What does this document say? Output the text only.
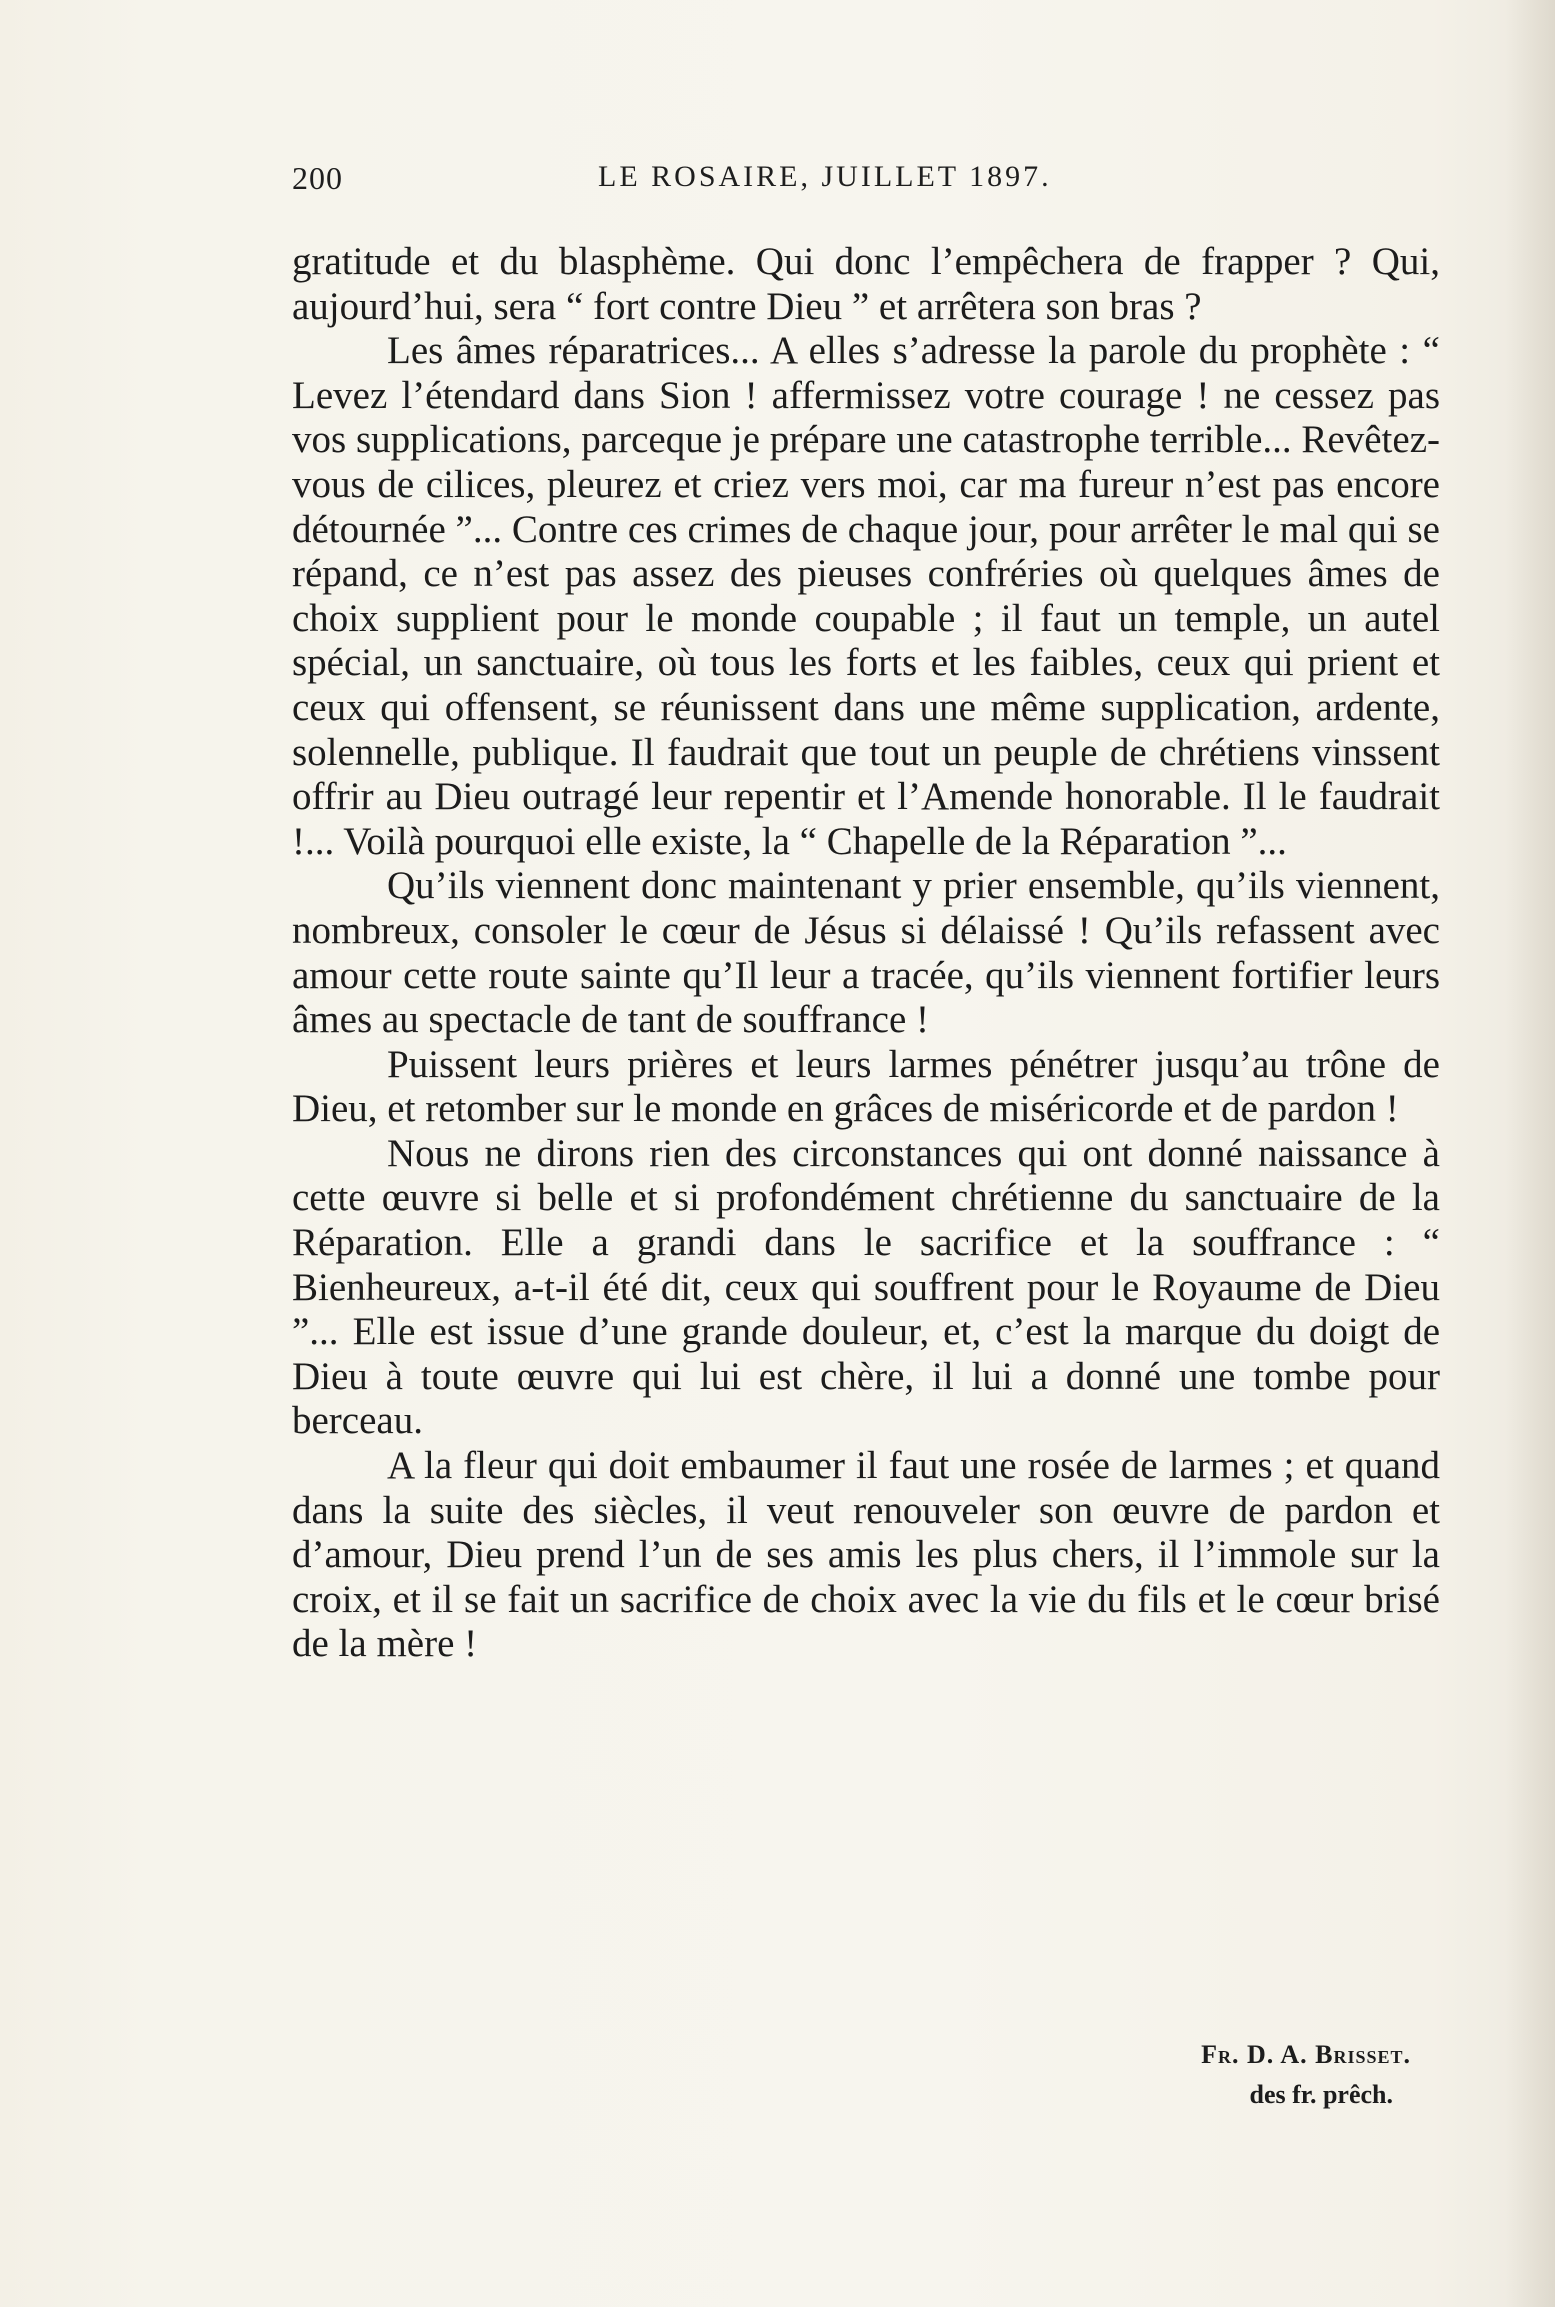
200	LE ROSAIRE, JUILLET 1897.

gratitude et du blasphème. Qui donc l’empêchera de frapper ? Qui, aujourd’hui, sera “ fort contre Dieu ” et arrêtera son bras ?

Les âmes réparatrices... A elles s’adresse la parole du prophète : “ Levez l’étendard dans Sion ! affermissez votre courage ! ne cessez pas vos supplications, parceque je prépare une catastrophe terrible... Revêtez-vous de cilices, pleurez et criez vers moi, car ma fureur n’est pas encore détournée ”... Contre ces crimes de chaque jour, pour arrêter le mal qui se répand, ce n’est pas assez des pieuses confréries où quelques âmes de choix supplient pour le monde coupable ; il faut un temple, un autel spécial, un sanctuaire, où tous les forts et les faibles, ceux qui prient et ceux qui offensent, se réunissent dans une même supplication, ardente, solennelle, publique. Il faudrait que tout un peuple de chrétiens vinssent offrir au Dieu outragé leur repentir et l’Amende honorable. Il le faudrait !... Voilà pourquoi elle existe, la “ Chapelle de la Réparation ”...

Qu’ils viennent donc maintenant y prier ensemble, qu’ils viennent, nombreux, consoler le cœur de Jésus si délaissé ! Qu’ils refassent avec amour cette route sainte qu’Il leur a tracée, qu’ils viennent fortifier leurs âmes au spectacle de tant de souffrance !

Puissent leurs prières et leurs larmes pénétrer jusqu’au trône de Dieu, et retomber sur le monde en grâces de miséricorde et de pardon !

Nous ne dirons rien des circonstances qui ont donné naissance à cette œuvre si belle et si profondément chrétienne du sanctuaire de la Réparation. Elle a grandi dans le sacrifice et la souffrance : “ Bienheureux, a-t-il été dit, ceux qui souffrent pour le Royaume de Dieu ”... Elle est issue d’une grande douleur, et, c’est la marque du doigt de Dieu à toute œuvre qui lui est chère, il lui a donné une tombe pour berceau.

A la fleur qui doit embaumer il faut une rosée de larmes ; et quand dans la suite des siècles, il veut renouveler son œuvre de pardon et d’amour, Dieu prend l’un de ses amis les plus chers, il l’immole sur la croix, et il se fait un sacrifice de choix avec la vie du fils et le cœur brisé de la mère !

Fr. D. A. Brisset.
des fr. prêch.
